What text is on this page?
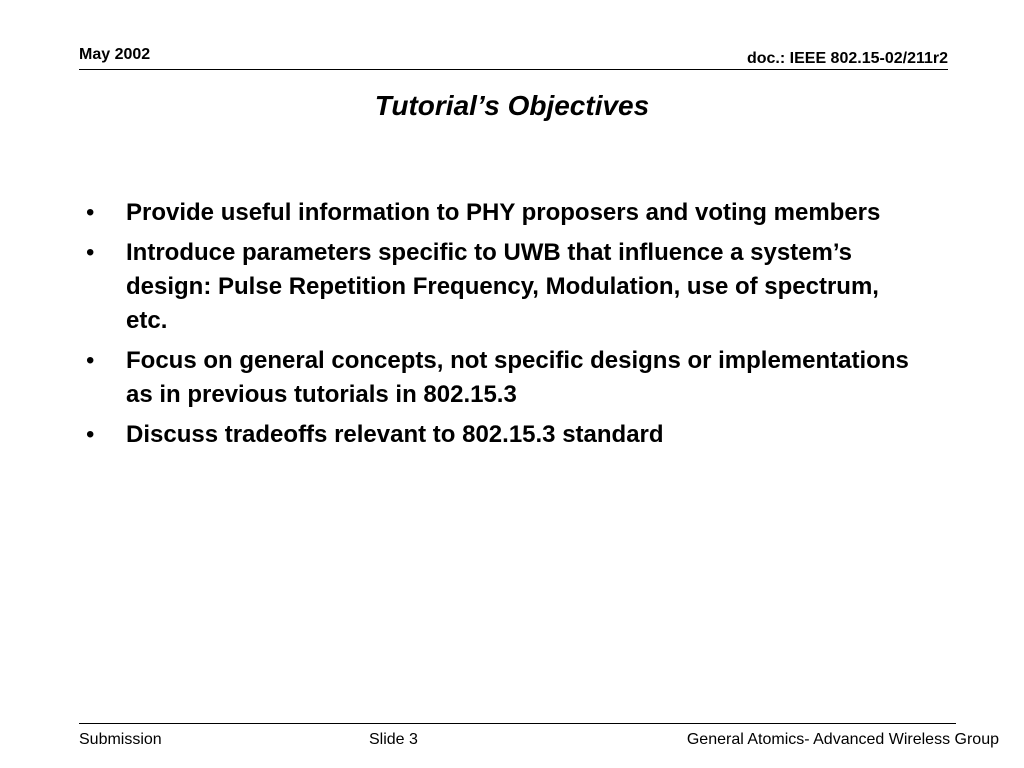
May 2002	doc.: IEEE 802.15-02/211r2
Tutorial’s Objectives
• Provide useful information to PHY proposers and voting members
• Introduce parameters specific to UWB that influence a system’s design: Pulse Repetition Frequency, Modulation, use of spectrum, etc.
• Focus on general concepts, not specific designs or implementations as in previous tutorials in 802.15.3
• Discuss tradeoffs relevant to 802.15.3 standard
Submission	Slide 3	General Atomics- Advanced Wireless Group
